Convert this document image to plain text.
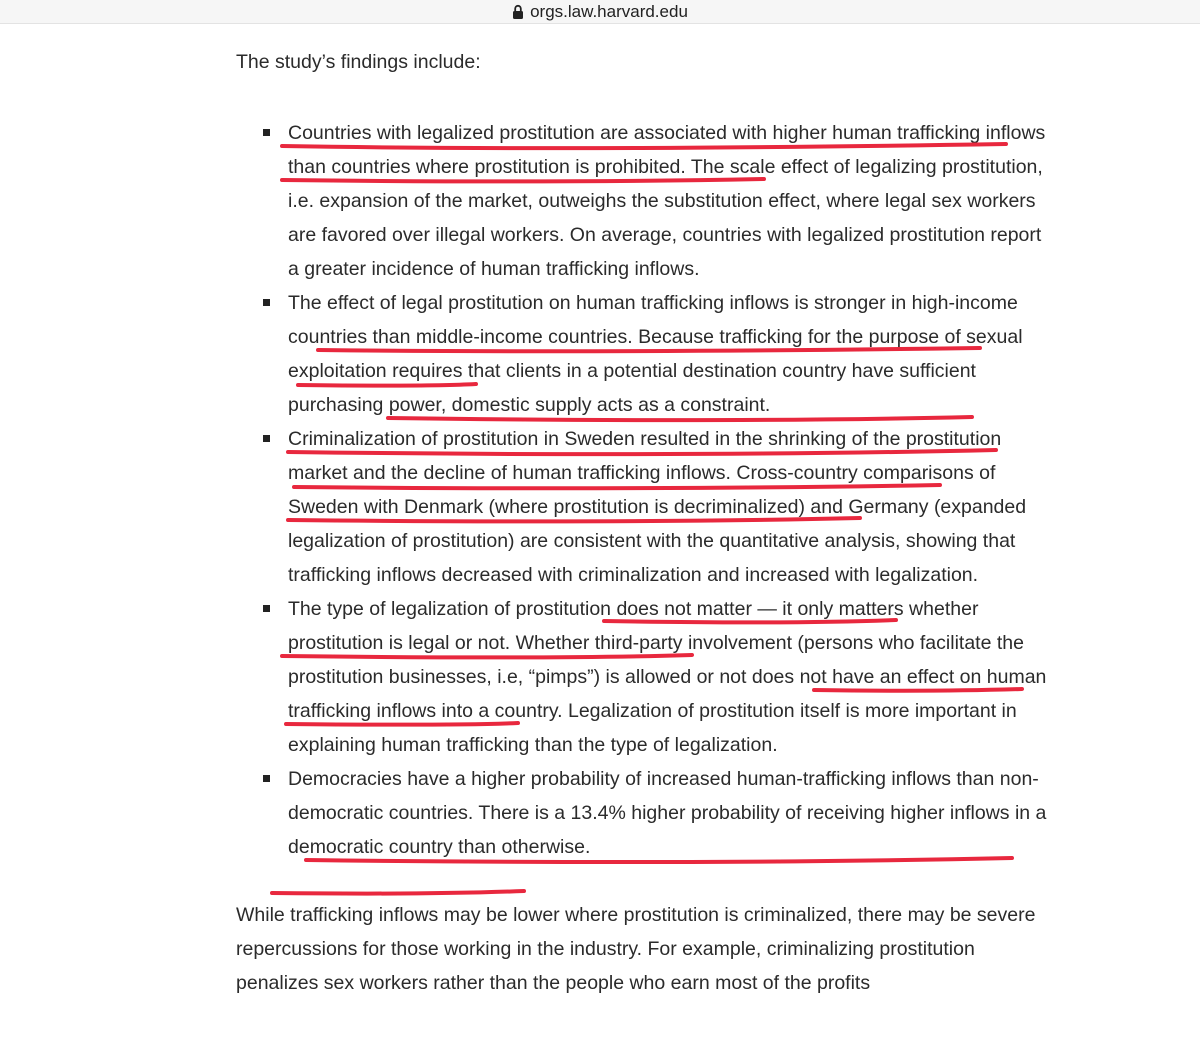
orgs.law.harvard.edu

The study’s findings include:

Countries with legalized prostitution are associated with higher human trafficking inflows than countries where prostitution is prohibited. The scale effect of legalizing prostitution, i.e. expansion of the market, outweighs the substitution effect, where legal sex workers are favored over illegal workers. On average, countries with legalized prostitution report a greater incidence of human trafficking inflows.
The effect of legal prostitution on human trafficking inflows is stronger in high-income countries than middle-income countries. Because trafficking for the purpose of sexual exploitation requires that clients in a potential destination country have sufficient purchasing power, domestic supply acts as a constraint.
Criminalization of prostitution in Sweden resulted in the shrinking of the prostitution market and the decline of human trafficking inflows. Cross-country comparisons of Sweden with Denmark (where prostitution is decriminalized) and Germany (expanded legalization of prostitution) are consistent with the quantitative analysis, showing that trafficking inflows decreased with criminalization and increased with legalization.
The type of legalization of prostitution does not matter — it only matters whether prostitution is legal or not. Whether third-party involvement (persons who facilitate the prostitution businesses, i.e, “pimps”) is allowed or not does not have an effect on human trafficking inflows into a country. Legalization of prostitution itself is more important in explaining human trafficking than the type of legalization.
Democracies have a higher probability of increased human-trafficking inflows than non-democratic countries. There is a 13.4% higher probability of receiving higher inflows in a democratic country than otherwise.

While trafficking inflows may be lower where prostitution is criminalized, there may be severe repercussions for those working in the industry. For example, criminalizing prostitution penalizes sex workers rather than the people who earn most of the profits
